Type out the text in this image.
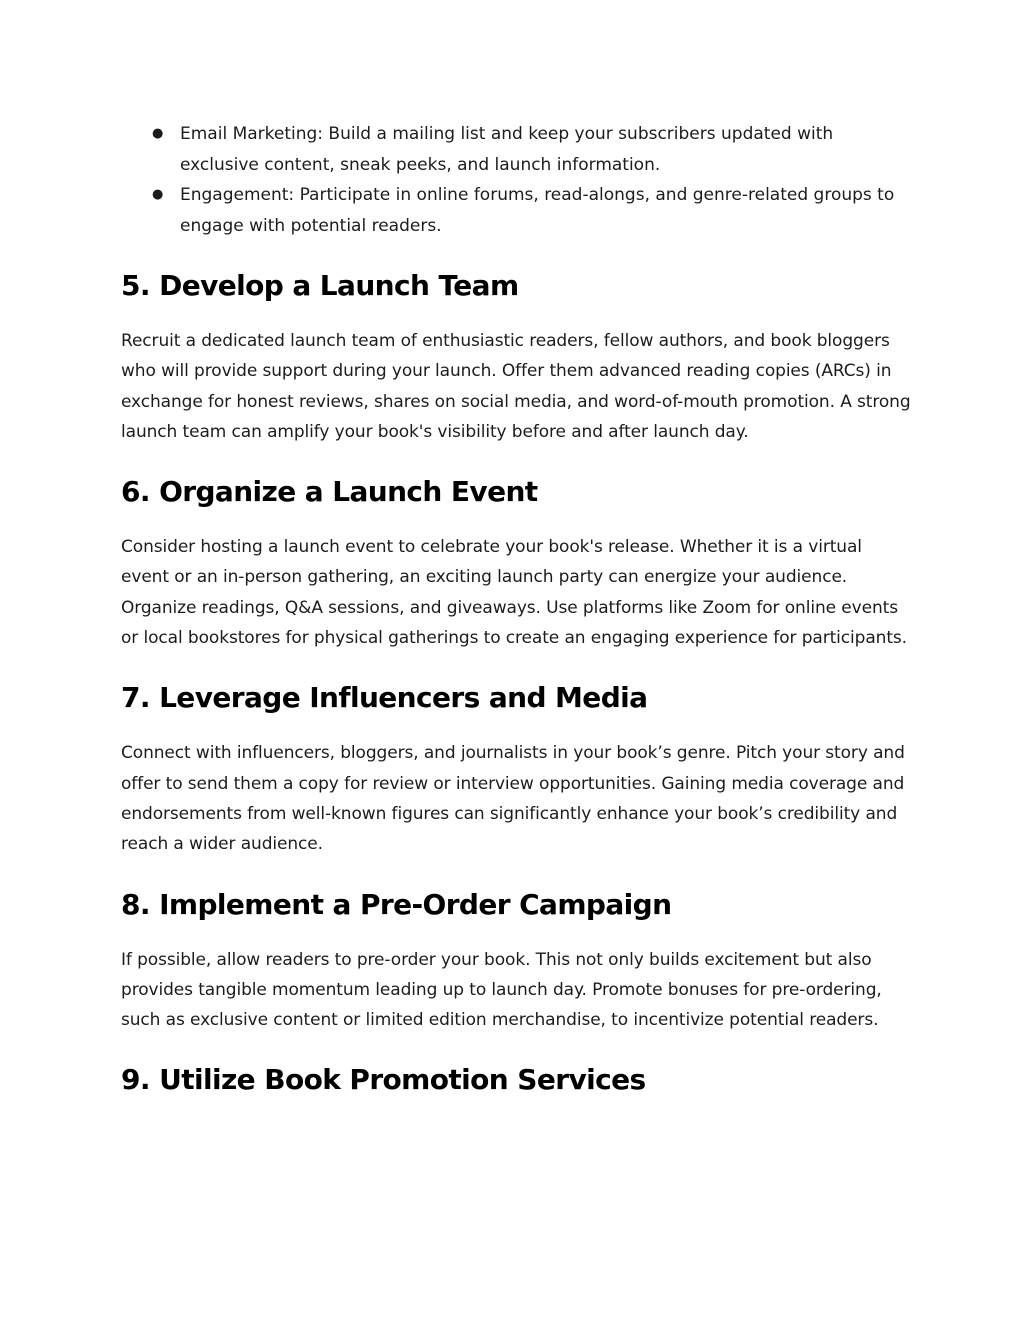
● Email Marketing: Build a mailing list and keep your subscribers updated with exclusive content, sneak peeks, and launch information.
● Engagement: Participate in online forums, read-alongs, and genre-related groups to engage with potential readers.
5. Develop a Launch Team

Recruit a dedicated launch team of enthusiastic readers, fellow authors, and book bloggers who will provide support during your launch. Offer them advanced reading copies (ARCs) in exchange for honest reviews, shares on social media, and word-of-mouth promotion. A strong launch team can amplify your book's visibility before and after launch day.

6. Organize a Launch Event

Consider hosting a launch event to celebrate your book's release. Whether it is a virtual event or an in-person gathering, an exciting launch party can energize your audience. Organize readings, Q&A sessions, and giveaways. Use platforms like Zoom for online events or local bookstores for physical gatherings to create an engaging experience for participants.

7. Leverage Influencers and Media

Connect with influencers, bloggers, and journalists in your book’s genre. Pitch your story and offer to send them a copy for review or interview opportunities. Gaining media coverage and endorsements from well-known figures can significantly enhance your book’s credibility and reach a wider audience.

8. Implement a Pre-Order Campaign

If possible, allow readers to pre-order your book. This not only builds excitement but also provides tangible momentum leading up to launch day. Promote bonuses for pre-ordering, such as exclusive content or limited edition merchandise, to incentivize potential readers.

9. Utilize Book Promotion Services
